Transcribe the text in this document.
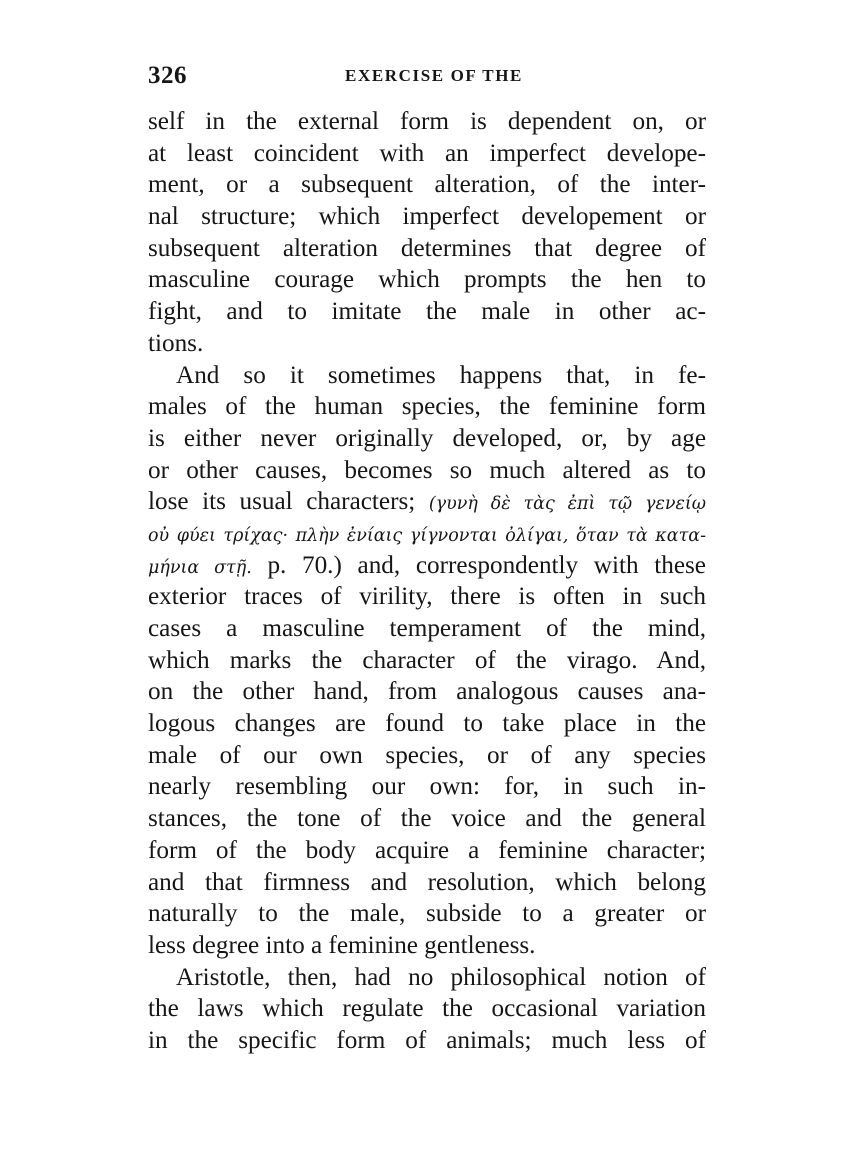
326	EXERCISE OF THE
self in the external form is dependent on, or
at least coincident with an imperfect develope-
ment, or a subsequent alteration, of the inter-
nal structure; which imperfect developement or
subsequent alteration determines that degree of
masculine courage which prompts the hen to
fight, and to imitate the male in other ac-
tions.
And so it sometimes happens that, in fe-
males of the human species, the feminine form
is either never originally developed, or, by age
or other causes, becomes so much altered as to
lose its usual characters; (γυνὴ δὲ τὰς ἐπὶ τῷ γενείῳ
οὐ φύει τρίχας· πλὴν ἐνίαις γίγνονται ὀλίγαι, ὅταν τὰ κατα-
μήνια στῇ. p. 70.) and, correspondently with these
exterior traces of virility, there is often in such
cases a masculine temperament of the mind,
which marks the character of the virago. And,
on the other hand, from analogous causes ana-
logous changes are found to take place in the
male of our own species, or of any species
nearly resembling our own: for, in such in-
stances, the tone of the voice and the general
form of the body acquire a feminine character;
and that firmness and resolution, which belong
naturally to the male, subside to a greater or
less degree into a feminine gentleness.
Aristotle, then, had no philosophical notion of
the laws which regulate the occasional variation
in the specific form of animals; much less of
